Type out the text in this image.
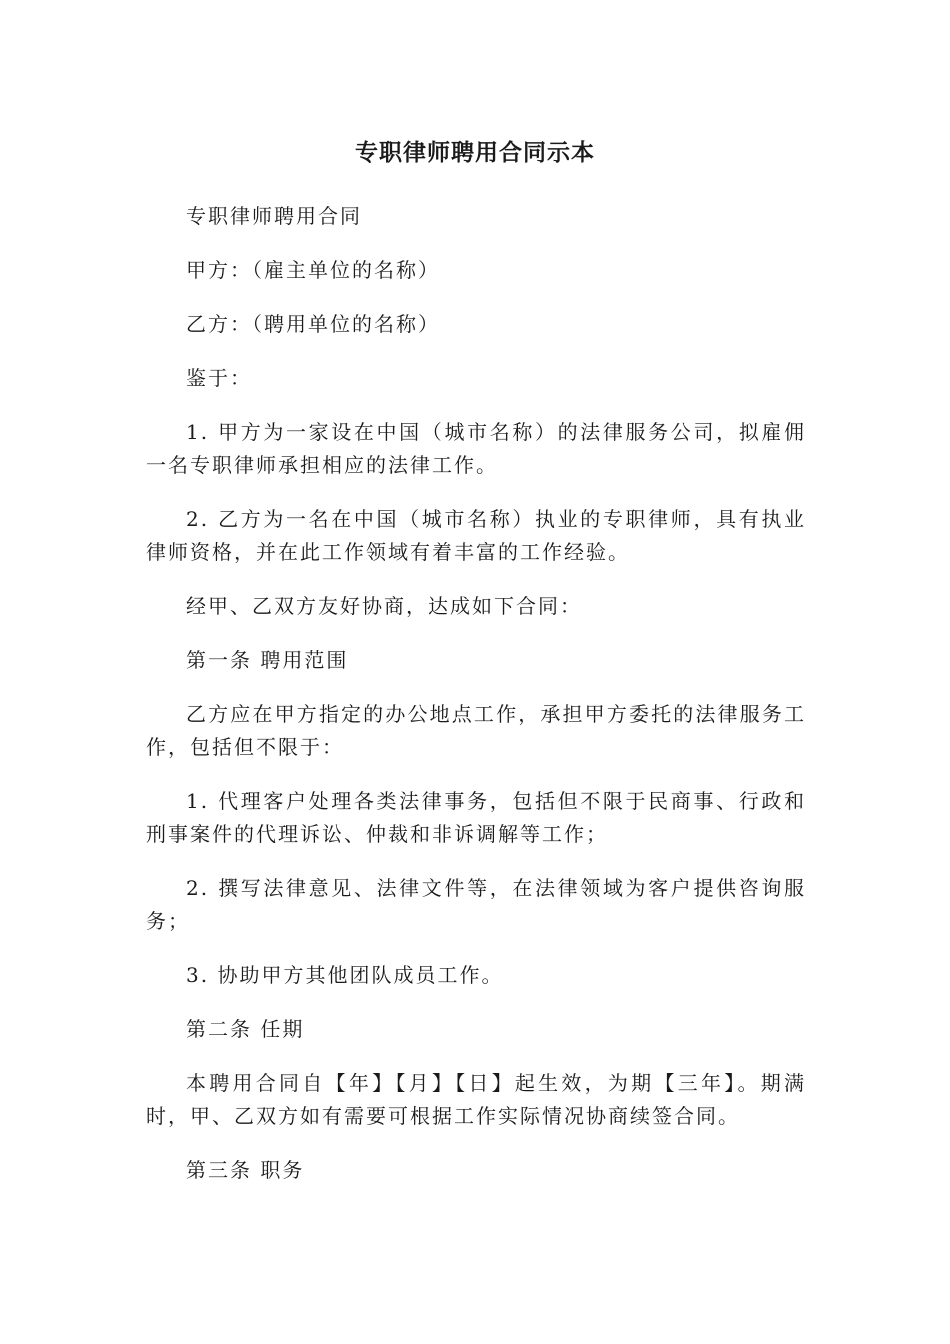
专职律师聘用合同示本

专职律师聘用合同

甲方：（雇主单位的名称）

乙方：（聘用单位的名称）

鉴于：

1. 甲方为一家设在中国（城市名称）的法律服务公司，拟雇佣一名专职律师承担相应的法律工作。

2. 乙方为一名在中国（城市名称）执业的专职律师，具有执业律师资格，并在此工作领域有着丰富的工作经验。

经甲、乙双方友好协商，达成如下合同：

第一条 聘用范围

乙方应在甲方指定的办公地点工作，承担甲方委托的法律服务工作，包括但不限于：

1. 代理客户处理各类法律事务，包括但不限于民商事、行政和刑事案件的代理诉讼、仲裁和非诉调解等工作；

2. 撰写法律意见、法律文件等，在法律领域为客户提供咨询服务；

3. 协助甲方其他团队成员工作。

第二条 任期

本聘用合同自【年】【月】【日】起生效，为期【三年】。期满时，甲、乙双方如有需要可根据工作实际情况协商续签合同。

第三条 职务
